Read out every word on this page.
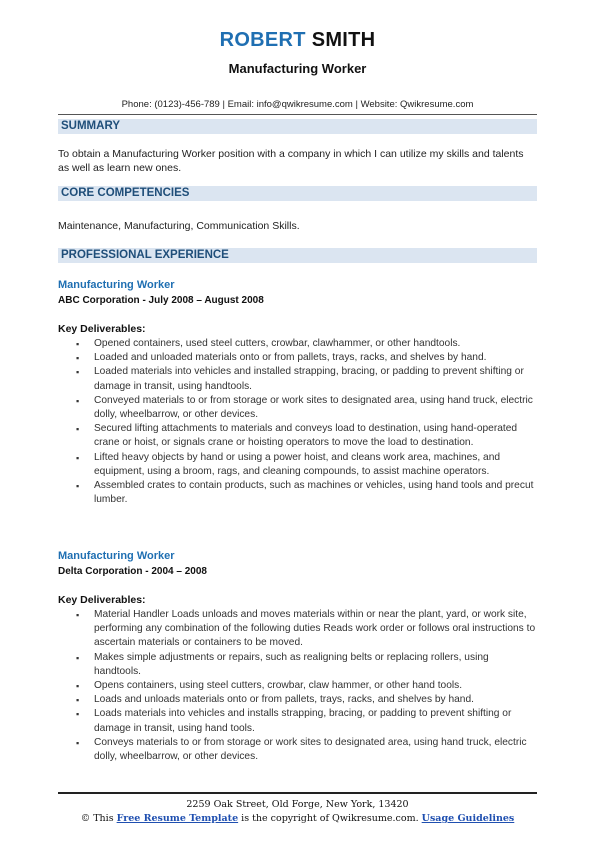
ROBERT SMITH
Manufacturing Worker
Phone: (0123)-456-789 | Email: info@qwikresume.com | Website: Qwikresume.com
SUMMARY
To obtain a Manufacturing Worker position with a company in which I can utilize my skills and talents as well as learn new ones.
CORE COMPETENCIES
Maintenance, Manufacturing, Communication Skills.
PROFESSIONAL EXPERIENCE
Manufacturing Worker
ABC Corporation - July 2008 – August 2008
Key Deliverables:
▪ Opened containers, used steel cutters, crowbar, clawhammer, or other handtools.
▪ Loaded and unloaded materials onto or from pallets, trays, racks, and shelves by hand.
▪ Loaded materials into vehicles and installed strapping, bracing, or padding to prevent shifting or damage in transit, using handtools.
▪ Conveyed materials to or from storage or work sites to designated area, using hand truck, electric dolly, wheelbarrow, or other devices.
▪ Secured lifting attachments to materials and conveys load to destination, using hand-operated crane or hoist, or signals crane or hoisting operators to move the load to destination.
▪ Lifted heavy objects by hand or using a power hoist, and cleans work area, machines, and equipment, using a broom, rags, and cleaning compounds, to assist machine operators.
▪ Assembled crates to contain products, such as machines or vehicles, using hand tools and precut lumber.
Manufacturing Worker
Delta Corporation - 2004 – 2008
Key Deliverables:
▪ Material Handler Loads unloads and moves materials within or near the plant, yard, or work site, performing any combination of the following duties Reads work order or follows oral instructions to ascertain materials or containers to be moved.
▪ Makes simple adjustments or repairs, such as realigning belts or replacing rollers, using handtools.
▪ Opens containers, using steel cutters, crowbar, claw hammer, or other hand tools.
▪ Loads and unloads materials onto or from pallets, trays, racks, and shelves by hand.
▪ Loads materials into vehicles and installs strapping, bracing, or padding to prevent shifting or damage in transit, using hand tools.
▪ Conveys materials to or from storage or work sites to designated area, using hand truck, electric dolly, wheelbarrow, or other devices.
2259 Oak Street, Old Forge, New York, 13420
© This Free Resume Template is the copyright of Qwikresume.com. Usage Guidelines
